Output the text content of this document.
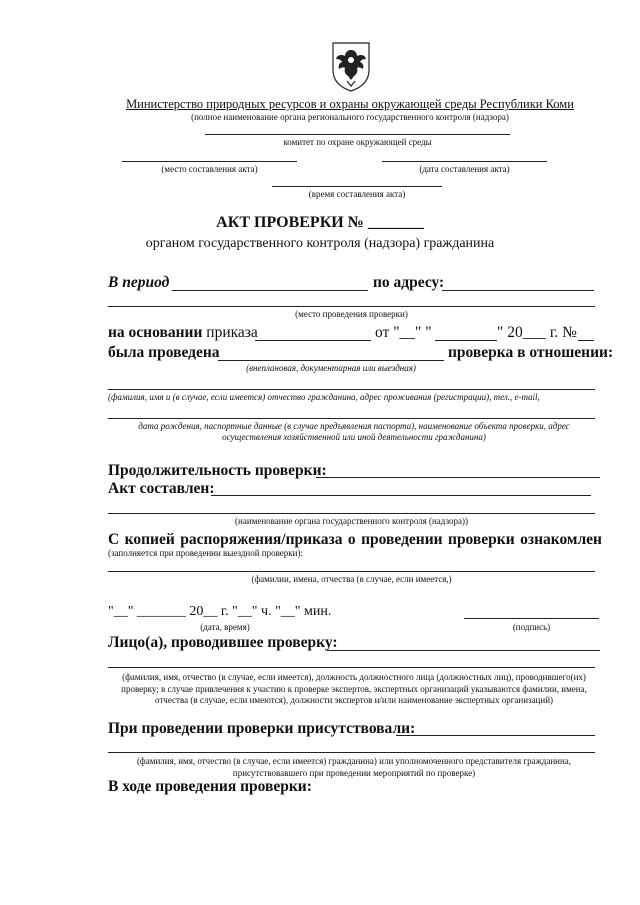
Министерство природных ресурсов и охраны окружающей среды Республики Коми
(полное наименование органа регионального государственного контроля (надзора)
комитет по охране окружающей среды
(место составления акта)	(дата составления акта)
(время составления акта)
АКТ ПРОВЕРКИ № _______
органом государственного контроля (надзора) гражданина
В период	по адресу:
(место проведения проверки)
на основании приказа	от "__" "	" 20___ г. №
была проведена	проверка в отношении:
(внеплановая, документарная или выездная)
(фамилия, имя и (в случае, если имеется) отчество гражданина, адрес проживания (регистрации), тел., e-mail,
дата рождения, паспортные данные (в случае предъявления паспорта), наименование объекта проверки, адрес осуществления хозяйственной или иной деятельности гражданина)
Продолжительность проверки:
Акт составлен:
(наименование органа государственного контроля (надзора))
С копией распоряжения/приказа о проведении проверки ознакомлен
(заполняется при проведении выездной проверки):
(фамилии, имена, отчества (в случае, если имеется,)
"__" _______ 20__ г. "__" ч. "__" мин.
(дата, время)	(подпись)
Лицо(а), проводившее проверку:
(фамилия, имя, отчество (в случае, если имеется), должность должностного лица (должностных лиц), проводившего(их) проверку; в случае привлечения к участию к проверке экспертов, экспертных организаций указываются фамилии, имена, отчества (в случае, если имеются), должности экспертов и/или наименование экспертных организаций)
При проведении проверки присутствовали:
(фамилия, имя, отчество (в случае, если имеется) гражданина) или уполномоченного представителя гражданина, присутствовавшего при проведении мероприятий по проверке)
В ходе проведения проверки:
